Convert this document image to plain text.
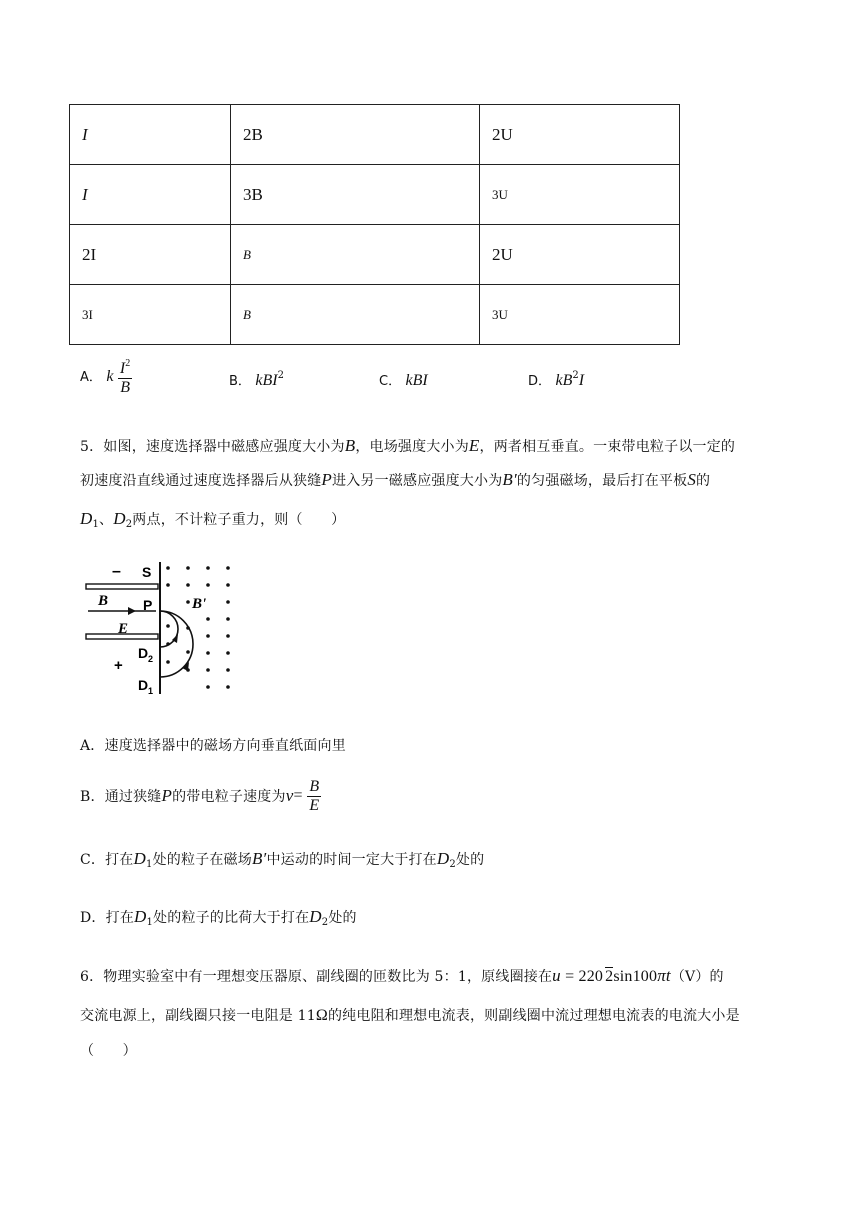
I	2B	2U
I	3B	3U
2I	B	2U
3I	B	3U
A． k $\frac{I^2}{B}$	B． kBI$^2$	C． kBI	D． $kB^2I$
5．如图，速度选择器中磁感应强度大小为B，电场强度大小为E，两者相互垂直。一束带电粒子以一定的
初速度沿直线通过速度选择器后从狭缝P进入另一磁感应强度大小为B′的匀强磁场，最后打在平板S的
$D_1$、$D_2$两点，不计粒子重力，则（　　）
– S
B P	B'
E
D 2
+
D 1
A．速度选择器中的磁场方向垂直纸面向里
B．通过狭缝P的带电粒子速度为$v= \frac{B}{E}$
C．打在$D_1$处的粒子在磁场B′中运动的时间一定大于打在$D_2$处的
D．打在$D_1$处的粒子的比荷大于打在$D_2$处的
6．物理实验室中有一理想变压器原、副线圈的匝数比为 5：1，原线圈接在u = 220 2sin100πt（V）的
交流电源上，副线圈只接一电阻是 11Ω的纯电阻和理想电流表，则副线圈中流过理想电流表的电流大小是
（　　）
